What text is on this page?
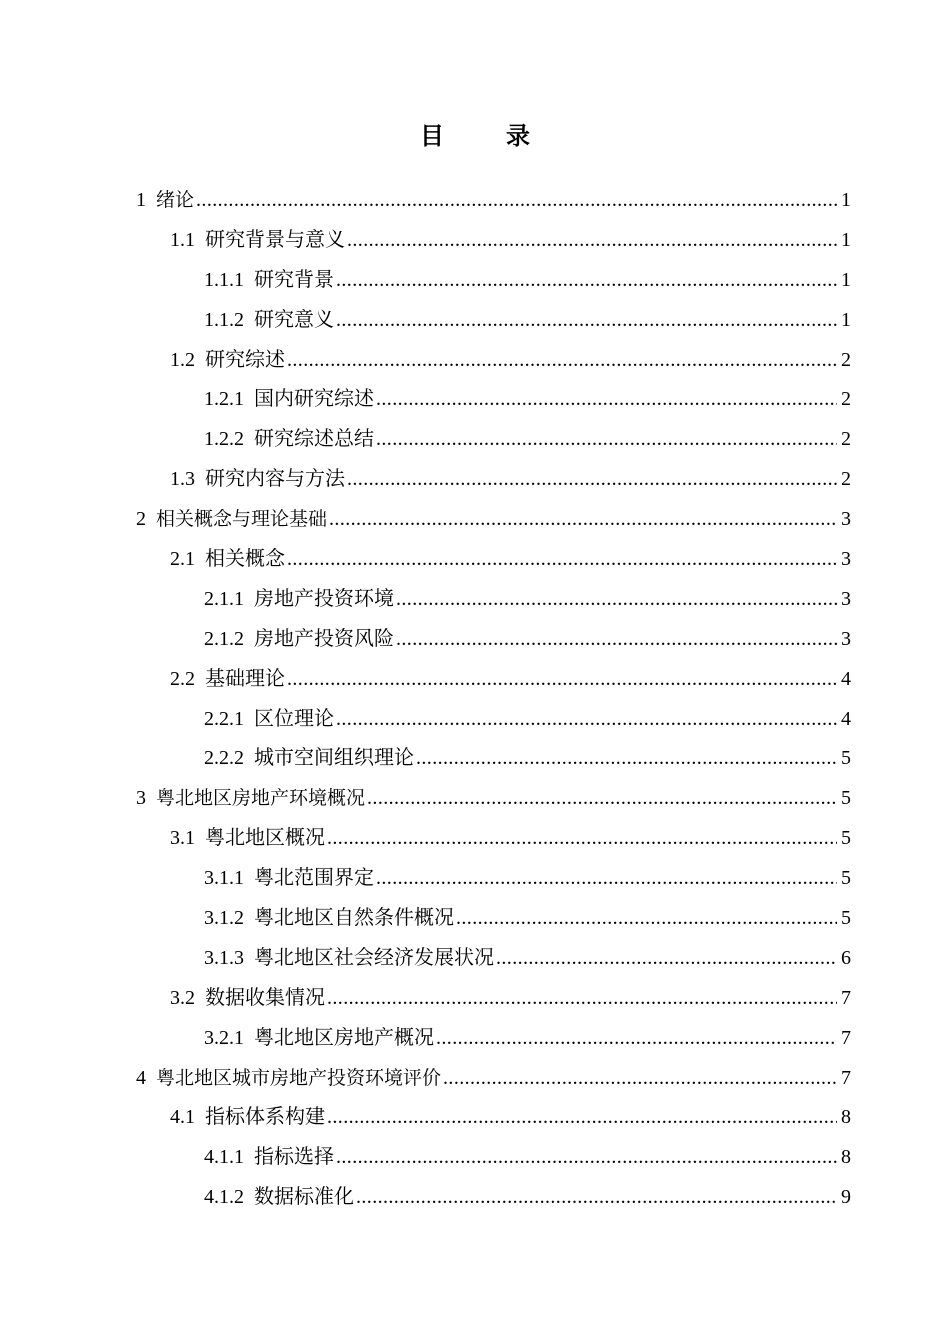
目	录
1 绪论 .....	1
1.1 研究背景与意义 .....	1
1.1.1 研究背景 .....	1
1.1.2 研究意义 .....	1
1.2 研究综述 .....	2
1.2.1 国内研究综述 .....	2
1.2.2 研究综述总结 .....	2
1.3 研究内容与方法 .....	2
2 相关概念与理论基础 .....	3
2.1 相关概念 .....	3
2.1.1 房地产投资环境 .....	3
2.1.2 房地产投资风险 .....	3
2.2 基础理论 .....	4
2.2.1 区位理论 .....	4
2.2.2 城市空间组织理论 .....	5
3 粤北地区房地产环境概况 .....	5
3.1 粤北地区概况 .....	5
3.1.1 粤北范围界定 .....	5
3.1.2 粤北地区自然条件概况 .....	5
3.1.3 粤北地区社会经济发展状况 .....	6
3.2 数据收集情况 .....	7
3.2.1 粤北地区房地产概况 .....	7
4 粤北地区城市房地产投资环境评价 .....	7
4.1 指标体系构建 .....	8
4.1.1 指标选择 .....	8
4.1.2 数据标准化 .....	9
